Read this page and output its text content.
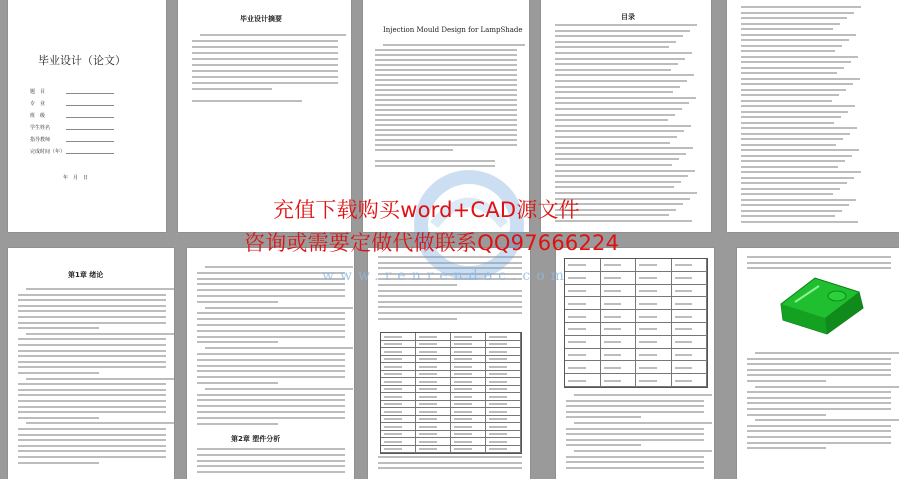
毕业设计（论文）
题　目
专　业
班　级
学生姓名
指导教师
完成时间（年）
年　月　日
毕业设计摘要
Injection Mould Design for LampShade
目录
第1章 绪论
第2章 塑件分析
www.renrendoc.com
充值下载购买word+CAD源文件
咨询或需要定做代做联系QQ97666224
